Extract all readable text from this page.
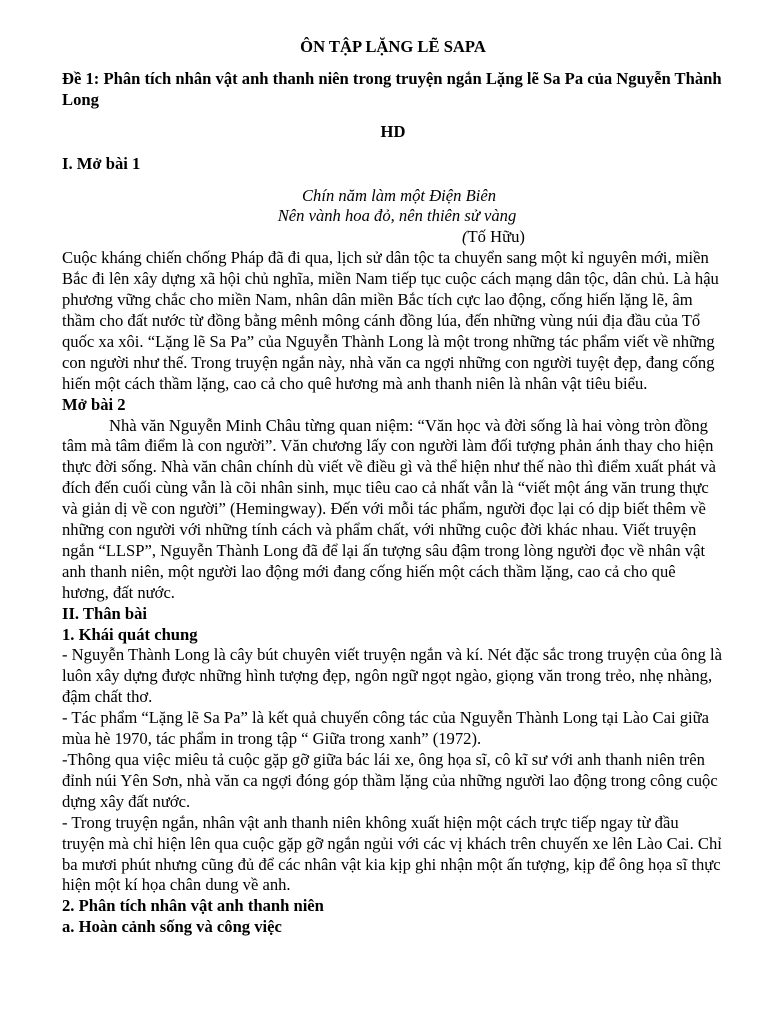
ÔN TẬP LẶNG LẼ SAPA
Đề 1: Phân tích nhân vật anh thanh niên trong truyện ngắn Lặng lẽ Sa Pa của Nguyễn Thành Long
HD
I. Mở bài 1
Chín năm làm một Điện Biên
Nên vành hoa đỏ, nên thiên sử vàng
(Tố Hữu)

Cuộc kháng chiến chống Pháp đã đi qua, lịch sử dân tộc ta chuyển sang một kỉ nguyên mới, miền Bắc đi lên xây dựng xã hội chủ nghĩa, miền Nam tiếp tục cuộc cách mạng dân tộc, dân chủ. Là hậu phương vững chắc cho miền Nam, nhân dân miền Bắc tích cực lao động, cống hiến lặng lẽ, âm thầm cho đất nước từ đồng bằng mênh mông cánh đồng lúa, đến những vùng núi địa đầu của Tổ quốc xa xôi. “Lặng lẽ Sa Pa” của Nguyễn Thành Long là một trong những tác phẩm viết về những con người như thế. Trong truyện ngắn này, nhà văn ca ngợi những con người tuyệt đẹp, đang cống hiến một cách thầm lặng, cao cả cho quê hương mà anh thanh niên là nhân vật tiêu biểu.

Mở bài 2

Nhà văn Nguyễn Minh Châu từng quan niệm: “Văn học và đời sống là hai vòng tròn đồng tâm mà tâm điểm là con người”. Văn chương lấy con người làm đối tượng phản ánh thay cho hiện thực đời sống. Nhà văn chân chính dù viết về điều gì và thể hiện như thế nào thì điểm xuất phát và đích đến cuối cùng vẫn là cõi nhân sinh, mục tiêu cao cả nhất vẫn là “viết một áng văn trung thực và giản dị về con người” (Hemingway). Đến với mỗi tác phẩm, người đọc lại có dịp biết thêm về những con người với những tính cách và phẩm chất, với những cuộc đời khác nhau. Viết truyện ngắn “LLSP”, Nguyễn Thành Long đã để lại ấn tượng sâu đậm trong lòng người đọc về nhân vật anh thanh niên, một người lao động mới đang cống hiến một cách thầm lặng, cao cả cho quê hương, đất nước.

II. Thân bài
1. Khái quát chung

- Nguyễn Thành Long là cây bút chuyên viết truyện ngắn và kí. Nét đặc sắc trong truyện của ông là luôn xây dựng được những hình tượng đẹp, ngôn ngữ ngọt ngào, giọng văn trong trẻo, nhẹ nhàng, đậm chất thơ.

- Tác phẩm “Lặng lẽ Sa Pa” là kết quả chuyến công tác của Nguyễn Thành Long tại Lào Cai giữa mùa hè 1970, tác phẩm in trong tập “ Giữa trong xanh” (1972).

-Thông qua việc miêu tả cuộc gặp gỡ giữa bác lái xe, ông họa sĩ, cô kĩ sư với anh thanh niên trên đỉnh núi Yên Sơn, nhà văn ca ngợi đóng góp thầm lặng của những người lao động trong công cuộc dựng xây đất nước.

- Trong truyện ngắn, nhân vật anh thanh niên không xuất hiện một cách trực tiếp ngay từ đầu truyện mà chỉ hiện lên qua cuộc gặp gỡ ngắn ngủi với các vị khách trên chuyến xe lên Lào Cai. Chỉ ba mươi phút nhưng cũng đủ để các nhân vật kia kịp ghi nhận một ấn tượng, kịp để ông họa sĩ thực hiện một kí họa chân dung về anh.

2. Phân tích nhân vật anh thanh niên
a. Hoàn cảnh sống và công việc
